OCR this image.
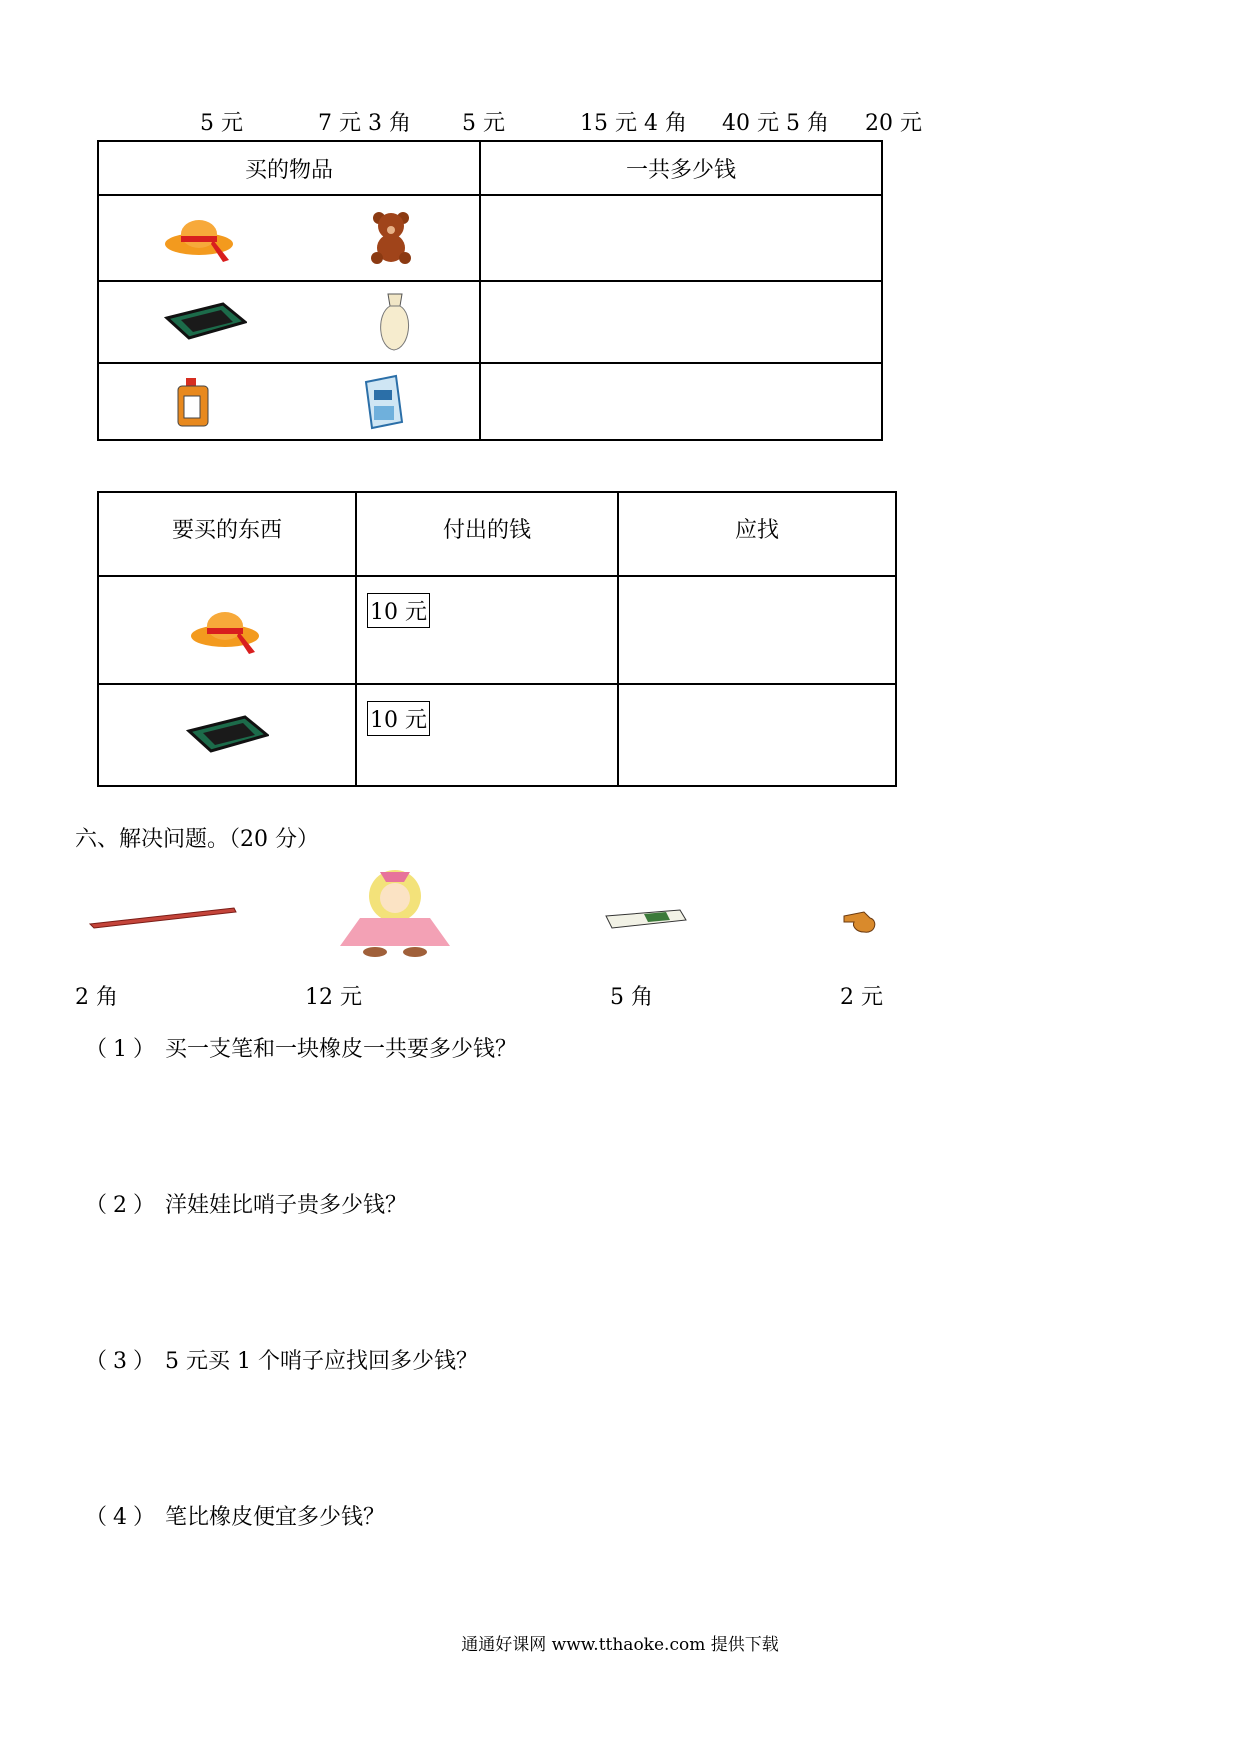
5 元	7 元 3 角 5 元	15 元 4 角 40 元 5 角 20 元
买的物品	一共多少钱

要买的东西	付出的钱	应找

	10 元	

	10 元	
六、解决问题。（20 分）
2 角	12 元	5 角	2 元
（1） 买一支笔和一块橡皮一共要多少钱？
（2） 洋娃娃比哨子贵多少钱？
（3） 5 元买 1 个哨子应找回多少钱？
（4） 笔比橡皮便宜多少钱？
通通好课网 www.tthaoke.com 提供下载
